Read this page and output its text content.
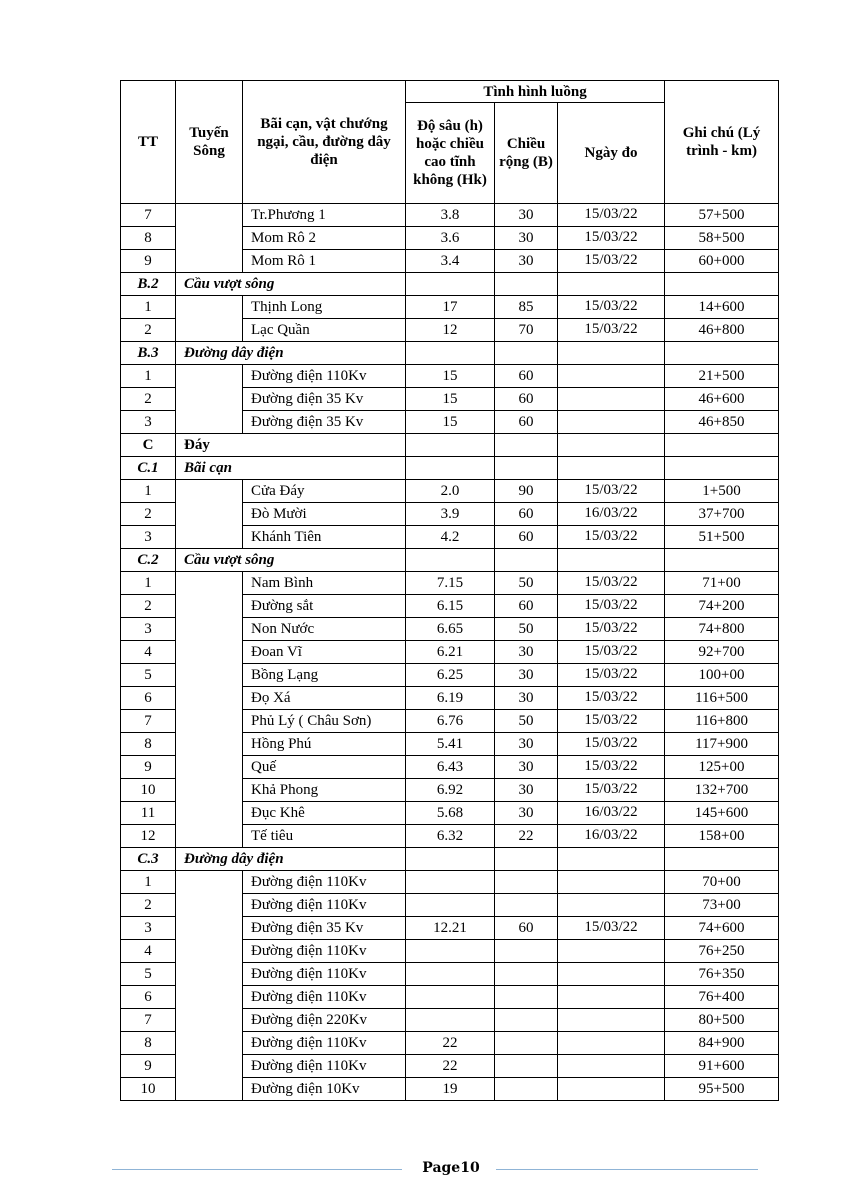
TT	Tuyến Sông	Bãi cạn, vật chướng ngại, cầu, đường dây điện	Tình hình luồng			Ghi chú (Lý trình - km)
			Độ sâu (h) hoặc chiều cao tĩnh không (Hk)	Chiều rộng (B)	Ngày đo	
7		Tr.Phương 1	3.8	30	15/03/22	57+500
8		Mom Rô 2	3.6	30	15/03/22	58+500
9		Mom Rô 1	3.4	30	15/03/22	60+000
B.2	Cầu vượt sông					
1		Thịnh Long	17	85	15/03/22	14+600
2		Lạc Quần	12	70	15/03/22	46+800
B.3	Đường dây điện					
1		Đường điện 110Kv	15	60		21+500
2		Đường điện 35 Kv	15	60		46+600
3		Đường điện 35 Kv	15	60		46+850
C	Đáy					
C.1	Bãi cạn					
1		Cửa Đáy	2.0	90	15/03/22	1+500
2		Đò Mười	3.9	60	16/03/22	37+700
3		Khánh Tiên	4.2	60	15/03/22	51+500
C.2	Cầu vượt sông					
1		Nam Bình	7.15	50	15/03/22	71+00
2		Đường sắt	6.15	60	15/03/22	74+200
3		Non Nước	6.65	50	15/03/22	74+800
4		Đoan Vĩ	6.21	30	15/03/22	92+700
5		Bồng Lạng	6.25	30	15/03/22	100+00
6		Đọ Xá	6.19	30	15/03/22	116+500
7		Phủ Lý ( Châu Sơn)	6.76	50	15/03/22	116+800
8		Hồng Phú	5.41	30	15/03/22	117+900
9		Quế	6.43	30	15/03/22	125+00
10		Khả Phong	6.92	30	15/03/22	132+700
11		Đục Khê	5.68	30	16/03/22	145+600
12		Tế tiêu	6.32	22	16/03/22	158+00
C.3	Đường dây điện					
1		Đường điện 110Kv				70+00
2		Đường điện 110Kv				73+00
3		Đường điện 35 Kv	12.21	60	15/03/22	74+600
4		Đường điện 110Kv				76+250
5		Đường điện 110Kv				76+350
6		Đường điện 110Kv				76+400
7		Đường điện 220Kv				80+500
8		Đường điện 110Kv	22			84+900
9		Đường điện 110Kv	22			91+600
10		Đường điện 10Kv	19			95+500
Page10
